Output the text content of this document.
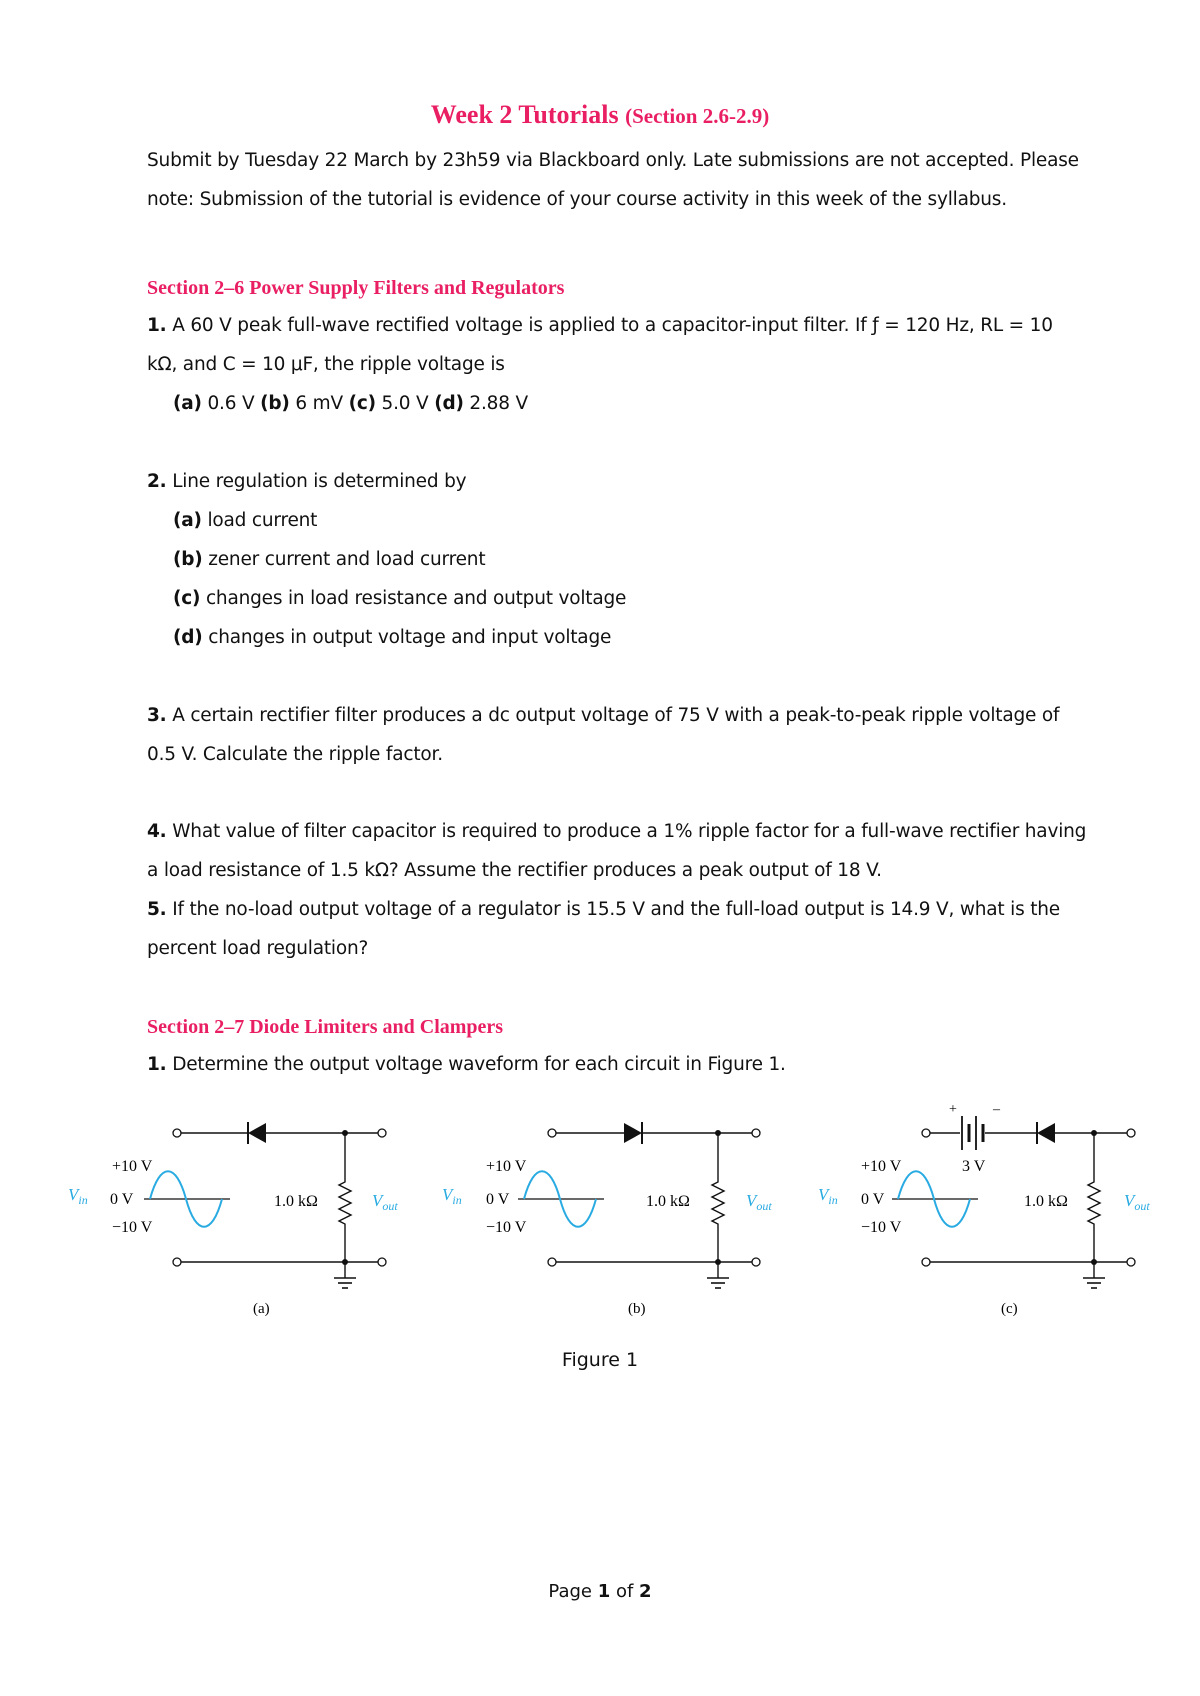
Week 2 Tutorials (Section 2.6-2.9)
Submit by Tuesday 22 March by 23h59 via Blackboard only. Late submissions are not accepted. Please
note: Submission of the tutorial is evidence of your course activity in this week of the syllabus.
Section 2–6 Power Supply Filters and Regulators
1. A 60 V peak full-wave rectified voltage is applied to a capacitor-input filter. If ƒ = 120 Hz, RL = 10
kΩ, and C = 10 μF, the ripple voltage is
(a) 0.6 V (b) 6 mV (c) 5.0 V (d) 2.88 V
2. Line regulation is determined by
(a) load current
(b) zener current and load current
(c) changes in load resistance and output voltage
(d) changes in output voltage and input voltage
3. A certain rectifier filter produces a dc output voltage of 75 V with a peak-to-peak ripple voltage of
0.5 V. Calculate the ripple factor.
4. What value of filter capacitor is required to produce a 1% ripple factor for a full-wave rectifier having
a load resistance of 1.5 kΩ? Assume the rectifier produces a peak output of 18 V.
5. If the no-load output voltage of a regulator is 15.5 V and the full-load output is 14.9 V, what is the
percent load regulation?
Section 2–7 Diode Limiters and Clampers
1. Determine the output voltage waveform for each circuit in Figure 1.
+10 V
0 V
−10 V
$V_{in}$	1.0 kΩ	$V_{out}$
(a)
+10 V
0 V
−10 V
$V_{in}$	1.0 kΩ	$V_{out}$
(b)
+	–
3 V
+10 V
0 V
−10 V
$V_{in}$	1.0 kΩ	$V_{out}$
(c)
Figure 1
Page 1 of 2
